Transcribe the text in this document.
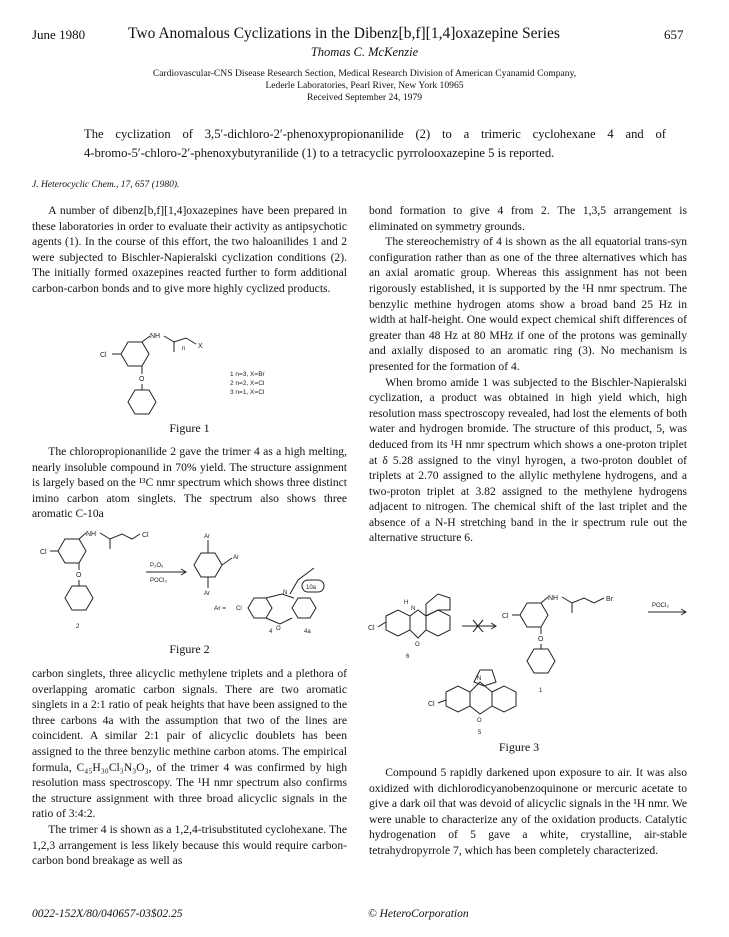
June 1980	Two Anomalous Cyclizations in the Dibenz[b,f][1,4]oxazepine Series	657
Thomas C. McKenzie
Cardiovascular-CNS Disease Research Section, Medical Research Division of American Cyanamid Company,
Lederle Laboratories, Pearl River, New York 10965
Received September 24, 1979
The cyclization of 3,5′-dichloro-2′-phenoxypropionanilide (2) to a trimeric cyclohexane 4 and of
4-bromo-5′-chloro-2′-phenoxybutyranilide (1) to a tetracyclic pyrrolooxazepine 5 is reported.
J. Heterocyclic Chem., 17, 657 (1980).

A number of dibenz[b,f][1,4]oxazepines have been prepared in these laboratories in order to evaluate their activity as antipsychotic agents (1). In the course of this effort, the two haloanilides 1 and 2 were subjected to Bischler-Napieralski cyclization conditions (2). The initially formed oxazepines reacted further to form additional carbon-carbon bonds and to give more highly cyclized products.

The chloropropionanilide 2 gave the trimer 4 as a high melting, nearly insoluble compound in 70% yield. The structure assignment is largely based on the ¹³C nmr spectrum which shows three distinct imino carbon atom singlets. The spectrum also shows three aromatic C-10a

carbon singlets, three alicyclic methylene triplets and a plethora of overlapping aromatic carbon signals. There are two aromatic singlets in a 2:1 ratio of peak heights that have been assigned to the three carbons 4a with the assumption that two of the lines are coincident. A similar 2:1 pair of alicyclic doublets has been assigned to the three benzylic methine carbon atoms. The empirical formula, C₄₅H₃₀Cl₃N₃O₃, of the trimer 4 was confirmed by high resolution mass spectroscopy. The ¹H nmr spectrum also confirms the structure assignment with three broad alicyclic signals in the ratio of 3:4:2.

The trimer 4 is shown as a 1,2,4-trisubstituted cyclohexane. The 1,2,3 arrangement is less likely because this would require carbon-carbon bond breakage as well as

bond formation to give 4 from 2. The 1,3,5 arrangement is eliminated on symmetry grounds.

The stereochemistry of 4 is shown as the all equatorial trans-syn configuration rather than as one of the three alternatives which has an axial aromatic group. Whereas this assignment has not been rigorously established, it is supported by the ¹H nmr spectrum. The benzylic methine hydrogen atoms show a broad band 25 Hz in width at half-height. One would expect chemical shift differences of greater than 48 Hz at 80 MHz if one of the protons was geminally and axially disposed to an aromatic ring (3). No mechanism is presented for the formation of 4.

When bromo amide 1 was subjected to the Bischler-Napieralski cyclization, a product was obtained in high yield which, high resolution mass spectroscopy revealed, had lost the elements of both water and hydrogen bromide. The structure of this product, 5, was deduced from its ¹H nmr spectrum which shows a one-proton triplet at δ 5.28 assigned to the vinyl hyrogen, a two-proton doublet of triplets at 2.70 assigned to the allylic methylene hydrogens, and a two-proton triplet at 3.82 assigned to the methylene hydrogens adjacent to nitrogen. The chemical shift of the last triplet and the absence of a N-H stretching band in the ir spectrum rule out the alternative structure 6.

Compound 5 rapidly darkened upon exposure to air. It was also oxidized with dichlorodicyanobenzoquinone or mercuric acetate to give a dark oil that was devoid of alicyclic signals in the ¹H nmr. We were unable to characterize any of the oxidation products. Catalytic hydrogenation of 5 gave a white, crystalline, air-stable tetrahydropyrrole 7, which has been completely characterized.

Cl
NH
n X
O
1 n=3, X=Br
2 n=2, X=Cl
3 n=1, X=Cl
Figure 1
Cl
NH	Cl
O
2
P₂O₅
POCl₃
Ar
Ar
Ar
Ar = Cl
N
O
10a
4	4a
Figure 2
Cl
H
N
O
6
Cl
NH	Br
O
1
POCl₃
Cl
N
O
5
Figure 3
0022-152X/80/040657-03$02.25	© HeteroCorporation
